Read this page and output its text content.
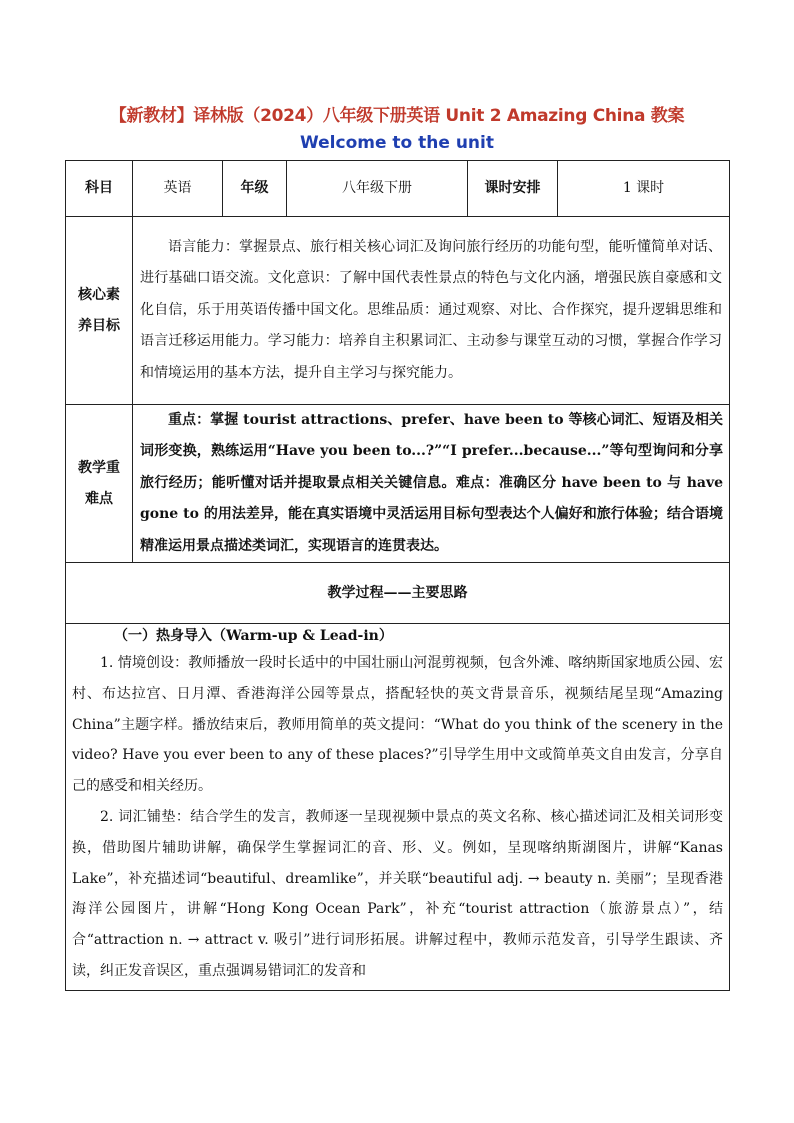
【新教材】译林版（2024）八年级下册英语 Unit 2 Amazing China 教案
Welcome to the unit
科目	英语	年级	八年级下册	课时安排	1 课时
核心素养目标	语言能力：掌握景点、旅行相关核心词汇及询问旅行经历的功能句型，能听懂简单对话、进行基础口语交流。文化意识：了解中国代表性景点的特色与文化内涵，增强民族自豪感和文化自信，乐于用英语传播中国文化。思维品质：通过观察、对比、合作探究，提升逻辑思维和语言迁移运用能力。学习能力：培养自主积累词汇、主动参与课堂互动的习惯，掌握合作学习和情境运用的基本方法，提升自主学习与探究能力。				
教学重难点	重点：掌握 tourist attractions、prefer、have been to 等核心词汇、短语及相关词形变换，熟练运用“Have you been to...?”“I prefer...because...”等句型询问和分享旅行经历；能听懂对话并提取景点相关关键信息。难点：准确区分 have been to 与 have gone to 的用法差异，能在真实语境中灵活运用目标句型表达个人偏好和旅行体验；结合语境精准运用景点描述类词汇，实现语言的连贯表达。				
教学过程——主要思路					

（一）热身导入（Warm-up & Lead-in）

1. 情境创设：教师播放一段时长适中的中国壮丽山河混剪视频，包含外滩、喀纳斯国家地质公园、宏村、布达拉宫、日月潭、香港海洋公园等景点，搭配轻快的英文背景音乐，视频结尾呈现“Amazing China”主题字样。播放结束后，教师用简单的英文提问：“What do you think of the scenery in the video? Have you ever been to any of these places?”引导学生用中文或简单英文自由发言，分享自己的感受和相关经历。

2. 词汇铺垫：结合学生的发言，教师逐一呈现视频中景点的英文名称、核心描述词汇及相关词形变换，借助图片辅助讲解，确保学生掌握词汇的音、形、义。例如，呈现喀纳斯湖图片，讲解“Kanas Lake”，补充描述词“beautiful、dreamlike”，并关联“beautiful adj. → beauty n. 美丽”；呈现香港海洋公园图片，讲解“Hong Kong Ocean Park”，补充“tourist attraction（旅游景点）”，结合“attraction n. → attract v. 吸引”进行词形拓展。讲解过程中，教师示范发音，引导学生跟读、齐读，纠正发音误区，重点强调易错词汇的发音和					
